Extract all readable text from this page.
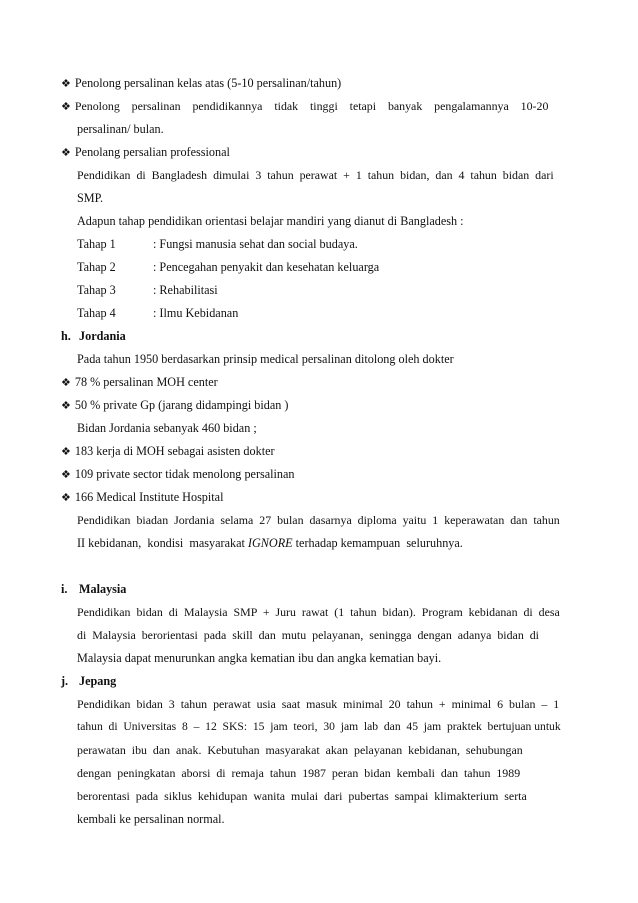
❖ Penolong persalinan kelas atas (5-10 persalinan/tahun)
❖ Penolong    persalinan    pendidikannya    tidak    tinggi    tetapi    banyak    pengalamannya    10-20
persalinan/ bulan.
❖ Penolang persalian professional
Pendidikan  di  Bangladesh  dimulai  3  tahun  perawat  +  1  tahun  bidan,  dan  4  tahun  bidan  dari
SMP.
Adapun tahap pendidikan orientasi belajar mandiri yang dianut di Bangladesh :
Tahap 1	: Fungsi manusia sehat dan social budaya.
Tahap 2	: Pencegahan penyakit dan kesehatan keluarga
Tahap 3	: Rehabilitasi
Tahap 4	: Ilmu Kebidanan
h. Jordania
Pada tahun 1950 berdasarkan prinsip medical persalinan ditolong oleh dokter
❖ 78 % persalinan MOH center
❖ 50 % private Gp (jarang didampingi bidan )
Bidan Jordania sebanyak 460 bidan ;
❖ 183 kerja di MOH sebagai asisten dokter
❖ 109 private sector tidak menolong persalinan
❖ 166 Medical Institute Hospital
Pendidikan  biadan  Jordania  selama  27  bulan  dasarnya  diploma  yaitu  1  keperawatan  dan  tahun
II kebidanan,  kondisi  masyarakat IGNORE terhadap kemampuan  seluruhnya.
i. Malaysia
Pendidikan  bidan  di  Malaysia  SMP  +  Juru  rawat  (1  tahun  bidan).  Program  kebidanan  di  desa
di  Malaysia  berorientasi  pada  skill  dan  mutu  pelayanan,  seningga  dengan  adanya  bidan  di
Malaysia dapat menurunkan angka kematian ibu dan angka kematian bayi.
j. Jepang
Pendidikan  bidan  3  tahun  perawat  usia  saat  masuk  minimal  20  tahun  +  minimal  6  bulan  –  1
tahun  di  Universitas  8  –  12  SKS:  15  jam  teori,  30  jam  lab  dan  45  jam  praktek  bertujuan untuk
perawatan  ibu  dan  anak.  Kebutuhan  masyarakat  akan  pelayanan  kebidanan,  sehubungan
dengan  peningkatan  aborsi  di  remaja  tahun  1987  peran  bidan  kembali  dan  tahun  1989
berorentasi  pada  siklus  kehidupan  wanita  mulai  dari  pubertas  sampai  klimakterium  serta
kembali ke persalinan normal.
